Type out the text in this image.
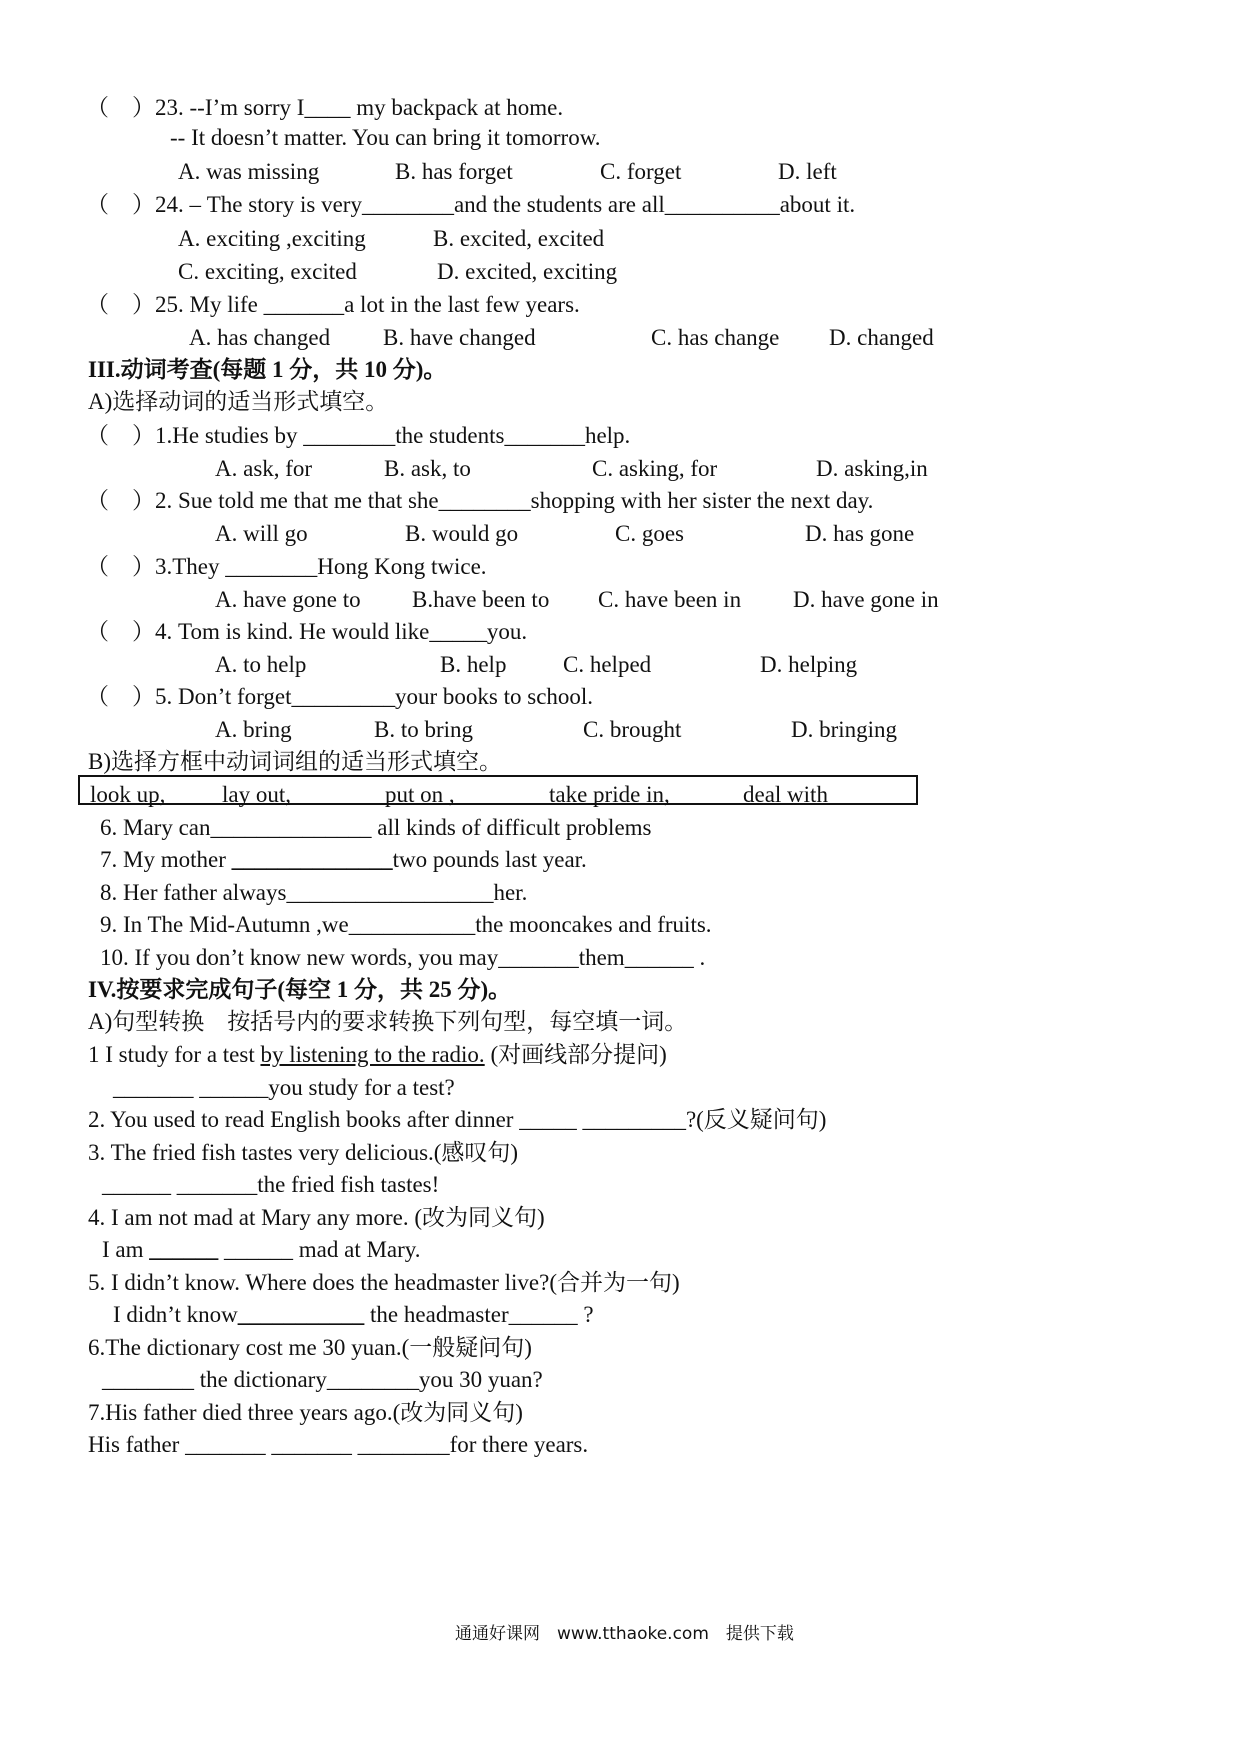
（　）23. --I’m sorry I____ my backpack at home.
-- It doesn’t matter. You can bring it tomorrow.
A. was missing	B. has forget	C. forget	D. left
（　）24. – The story is very________and the students are all__________about it.
A. exciting ,exciting	B. excited, excited
C. exciting, excited	D. excited, exciting
（　）25. My life _______a lot in the last few years.
A. has changed B. have changed	C. has change D. changed
III.动词考查(每题 1 分，共 10 分)。
A)选择动词的适当形式填空。
（　）1.He studies by ________the students_______help.
A. ask, for	B. ask, to	C. asking, for	D. asking,in
（　）2. Sue told me that me that she________shopping with her sister the next day.
A. will go	B. would go	C. goes	D. has gone
（　）3.They ________Hong Kong twice.
A. have gone to B.have been to C. have been in D. have gone in
（　）4. Tom is kind. He would like_____you.
A. to help	B. help C. helped	D. helping
（　）5. Don’t forget_________your books to school.
A. bring	B. to bring	C. brought	D. bringing
B)选择方框中动词词组的适当形式填空。
look up, lay out,	put on ,	take pride in,	deal with
6. Mary can______________ all kinds of difficult problems
7. My mother ______________two pounds last year.
8. Her father always__________________her.
9. In The Mid-Autumn ,we___________the mooncakes and fruits.
10. If you don’t know new words, you may_______them______ .
IV.按要求完成句子(每空 1 分，共 25 分)。
A)句型转换　按括号内的要求转换下列句型，每空填一词。
1 I study for a test by listening to the radio. (对画线部分提问)
_______ ______you study for a test?
2. You used to read English books after dinner _____ _________?(反义疑问句)
3. The fried fish tastes very delicious.(感叹句)
______ _______the fried fish tastes!
4. I am not mad at Mary any more. (改为同义句)
I am ______ ______ mad at Mary.
5. I didn’t know. Where does the headmaster live?(合并为一句)
I didn’t know___________ the headmaster______ ?
6.The dictionary cost me 30 yuan.(一般疑问句)
________ the dictionary________you 30 yuan?
7.His father died three years ago.(改为同义句)
His father _______ _______ ________for there years.
通通好课网　www.tthaoke.com　提供下载
